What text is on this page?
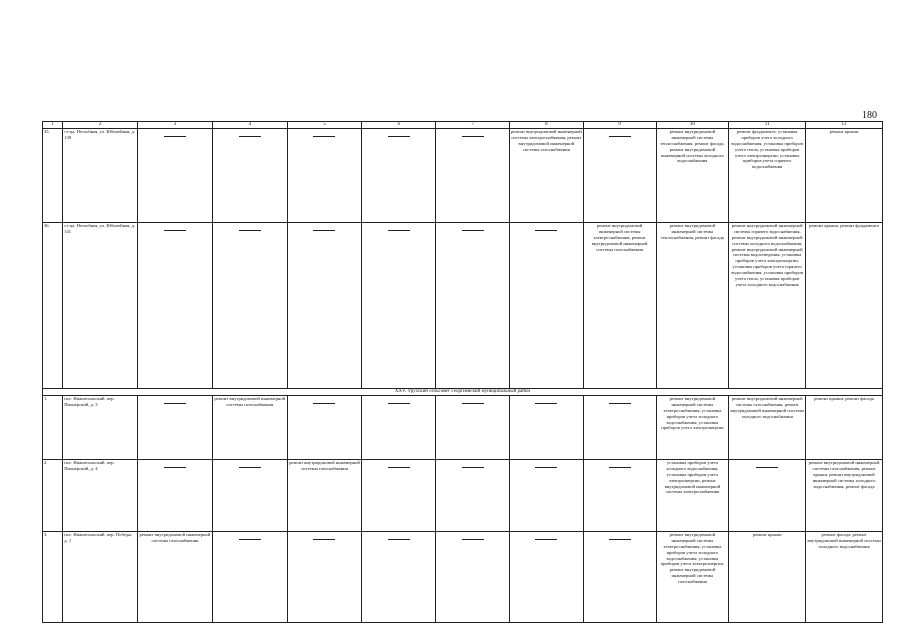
180
1	2	3	4	5	6	7	8	9	10	11	12
35.	ст-ца. Незлобная, ул. Юбилейная, д. 139						ремонт внутридомовой инженерной системы электроснабжения, ремонт внутридомовой инженерной системы газоснабжения		ремонт внутридомовой инженерной системы теплоснабжения, ремонт фасада, ремонт внутридомовой инженерной системы холодного водоснабжения	ремонт фундамента, установка приборов учета холодного водоснабжения, установка приборов учета тепла, установка приборов учета электроэнергии, установка приборов учета горячего водоснабжения	ремонт крыши
36.	ст-ца. Незлобная, ул. Юбилейная, д. 141							ремонт внутридомовой инженерной системы электроснабжения, ремонт внутридомовой инженерной системы газоснабжения	ремонт внутридомовой инженерной системы теплоснабжения, ремонт фасада	ремонт внутридомовой инженерной системы горячего водоснабжения, ремонт внутридомовой инженерной системы холодного водоснабжения, ремонт внутридомовой инженерной системы водоотведения, установка приборов учета электроэнергии, установка приборов учета горячего водоснабжения, установка приборов учета тепла, установка приборов учета холодного водоснабжения	ремонт крыши, ремонт фундамента
XXV. Урухский сельсовет Георгиевский муниципальный район											
1.	пос. Нижнезольский, пер. Пионерский, д. 3		ремонт внутридомовой инженерной системы газоснабжения						ремонт внутридомовой инженерной системы электроснабжения, установка приборов учета холодного водоснабжения, установка приборов учета электроэнергии	ремонт внутридомовой инженерной системы газоснабжения, ремонт внутридомовой инженерной системы холодного водоснабжения	ремонт крыши, ремонт фасада
2.	пос. Нижнезольский, пер. Пионерский, д. 4			ремонт внутридомовой инженерной системы газоснабжения					установка приборов учета холодного водоснабжения, установка приборов учета электроэнергии, ремонт внутридомовой инженерной системы электроснабжения		ремонт внутридомовой инженерной системы газоснабжения, ремонт крыши, ремонт внутридомовой инженерной системы холодного водоснабжения, ремонт фасада
3.	пос. Нижнезольский, пер. Победы, д. 1	ремонт внутридомовой инженерной системы газоснабжения							ремонт внутридомовой инженерной системы электроснабжения, установка приборов учета холодного водоснабжения, установка приборов учета электроэнергии, ремонт внутридомовой инженерной системы газоснабжения	ремонт крыши	ремонт фасада, ремонт внутридомовой инженерной системы холодного водоснабжения
